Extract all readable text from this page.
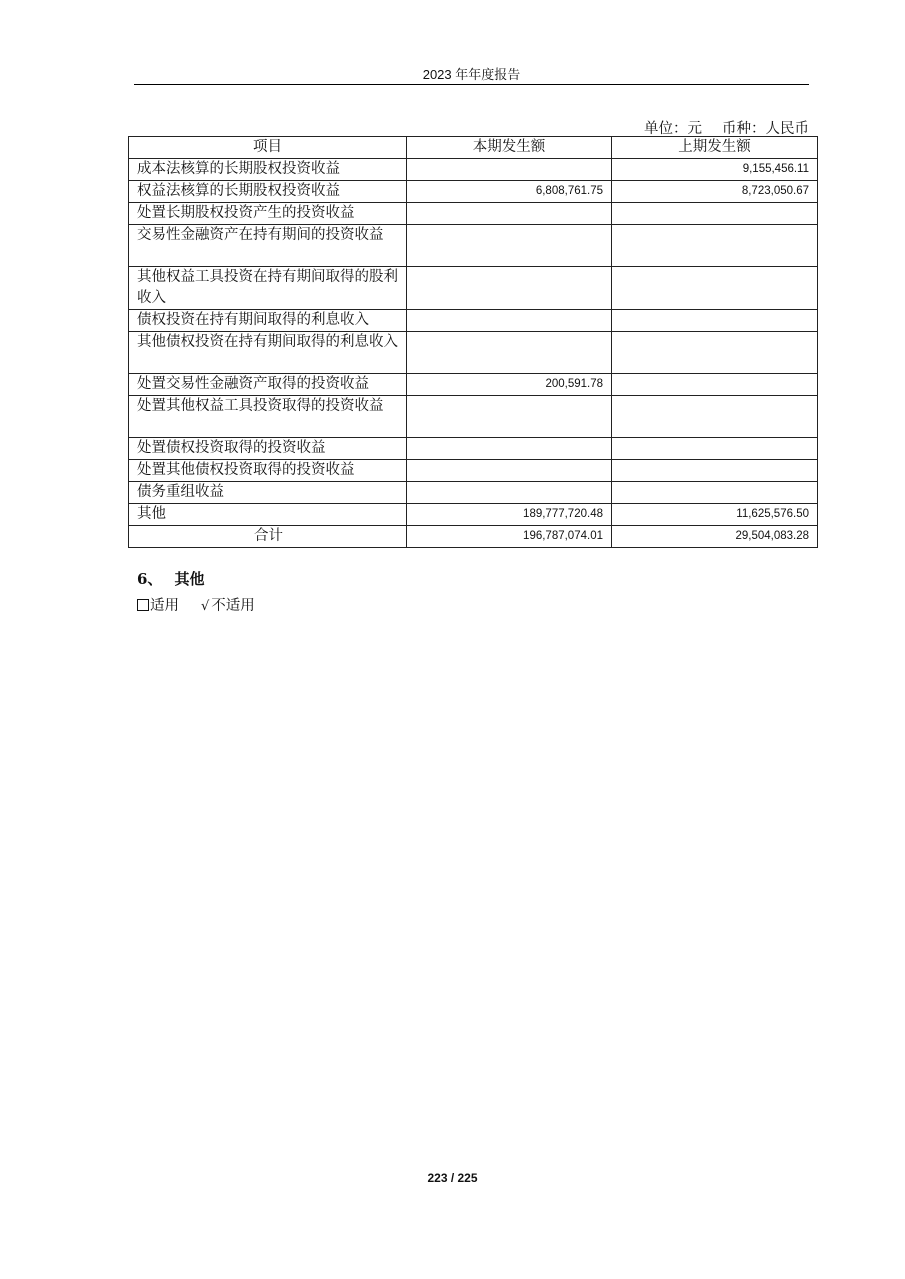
2023 年年度报告
单位：元 币种：人民币
项目	本期发生额	上期发生额
成本法核算的长期股权投资收益		9,155,456.11
权益法核算的长期股权投资收益	6,808,761.75	8,723,050.67
处置长期股权投资产生的投资收益		
交易性金融资产在持有期间的投资收益		
其他权益工具投资在持有期间取得的股利收入		
债权投资在持有期间取得的利息收入		
其他债权投资在持有期间取得的利息收入		
处置交易性金融资产取得的投资收益	200,591.78	
处置其他权益工具投资取得的投资收益		
处置债权投资取得的投资收益		
处置其他债权投资取得的投资收益		
债务重组收益		
其他	189,777,720.48	11,625,576.50
合计	196,787,074.01	29,504,083.28
6、 其他
适用 √ 不适用
223 / 225
